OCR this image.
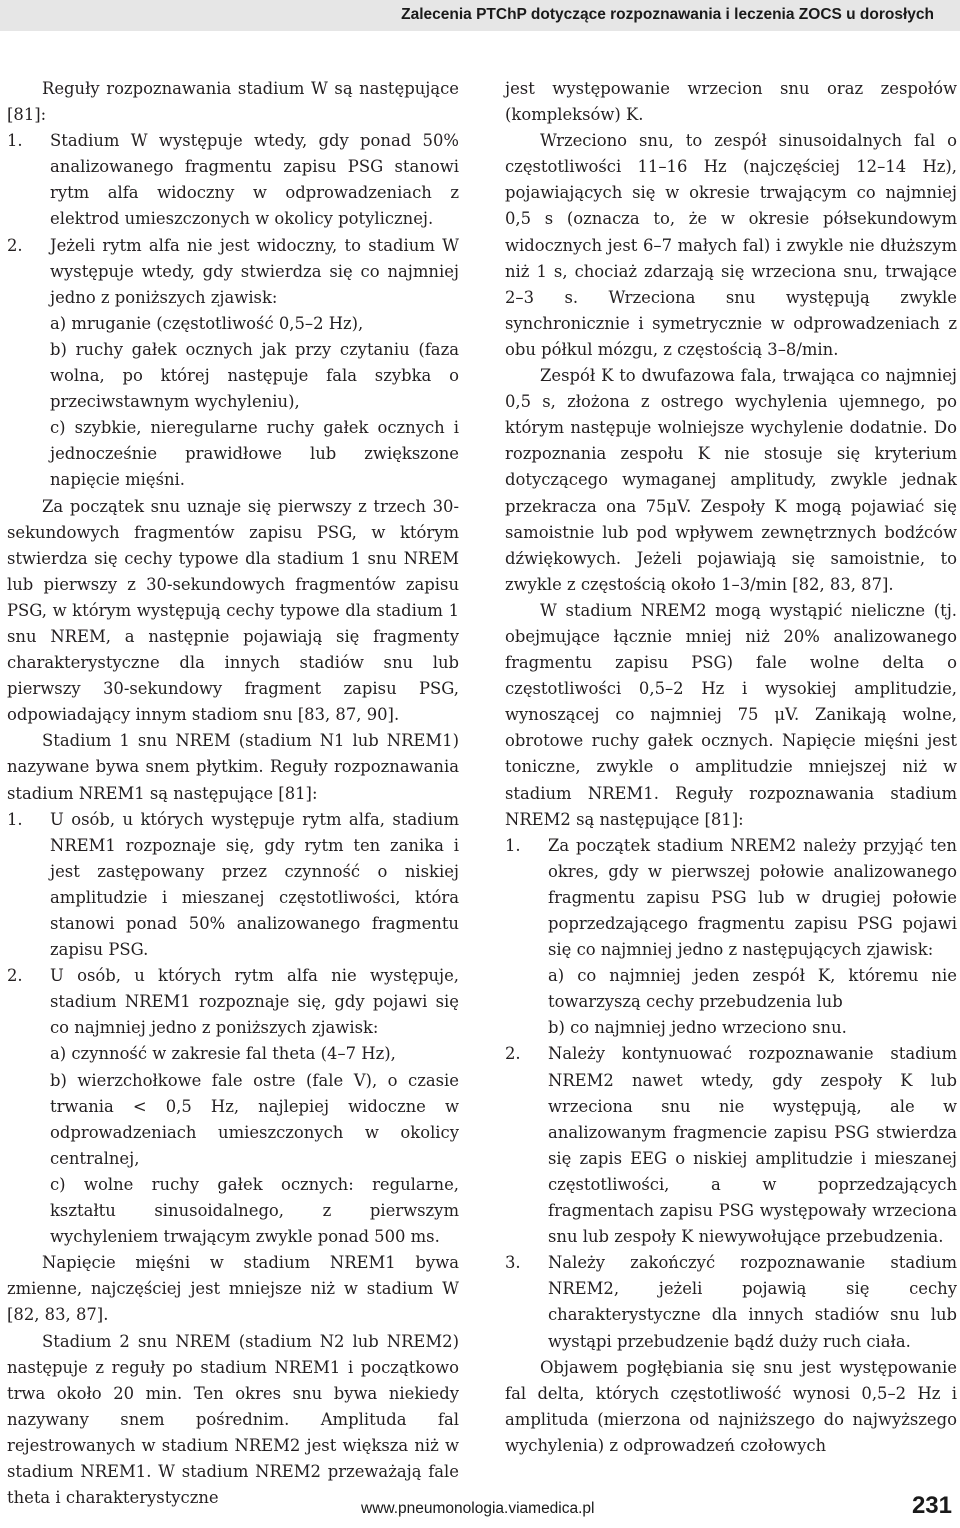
Zalecenia PTChP dotyczące rozpoznawania i leczenia ZOCS u dorosłych

Reguły rozpoznawania stadium W są następujące [81]:

1.	Stadium W występuje wtedy, gdy ponad 50% analizowanego fragmentu zapisu PSG stanowi rytm alfa widoczny w odprowadzeniach z elektrod umieszczonych w okolicy potylicznej.
2.	Jeżeli rytm alfa nie jest widoczny, to stadium W występuje wtedy, gdy stwierdza się co najmniej jedno z poniższych zjawisk:

a) mruganie (częstotliwość 0,5–2 Hz),

b) ruchy gałek ocznych jak przy czytaniu (faza wolna, po której następuje fala szybka o przeciwstawnym wychyleniu),

c) szybkie, nieregularne ruchy gałek ocznych i jednocześnie prawidłowe lub zwiększone napięcie mięśni.

Za początek snu uznaje się pierwszy z trzech 30-sekundowych fragmentów zapisu PSG, w którym stwierdza się cechy typowe dla stadium 1 snu NREM lub pierwszy z 30-sekundowych fragmentów zapisu PSG, w którym występują cechy typowe dla stadium 1 snu NREM, a następnie pojawiają się fragmenty charakterystyczne dla innych stadiów snu lub pierwszy 30-sekundowy fragment zapisu PSG, odpowiadający innym stadiom snu [83, 87, 90].

Stadium 1 snu NREM (stadium N1 lub NREM1) nazywane bywa snem płytkim. Reguły rozpoznawania stadium NREM1 są następujące [81]:

1.	U osób, u których występuje rytm alfa, stadium NREM1 rozpoznaje się, gdy rytm ten zanika i jest zastępowany przez czynność o niskiej amplitudzie i mieszanej częstotliwości, która stanowi ponad 50% analizowanego fragmentu zapisu PSG.
2.	U osób, u których rytm alfa nie występuje, stadium NREM1 rozpoznaje się, gdy pojawi się co najmniej jedno z poniższych zjawisk:

a) czynność w zakresie fal theta (4–7 Hz),

b) wierzchołkowe fale ostre (fale V), o czasie trwania < 0,5 Hz, najlepiej widoczne w odprowadzeniach umieszczonych w okolicy centralnej,

c) wolne ruchy gałek ocznych: regularne, kształtu sinusoidalnego, z pierwszym wychyleniem trwającym zwykle ponad 500 ms.

Napięcie mięśni w stadium NREM1 bywa zmienne, najczęściej jest mniejsze niż w stadium W [82, 83, 87].

Stadium 2 snu NREM (stadium N2 lub NREM2) następuje z reguły po stadium NREM1 i początkowo trwa około 20 min. Ten okres snu bywa niekiedy nazywany snem pośrednim. Amplituda fal rejestrowanych w stadium NREM2 jest większa niż w stadium NREM1. W stadium NREM2 przeważają fale theta i charakterystyczne

jest występowanie wrzecion snu oraz zespołów (kompleksów) K.

Wrzeciono snu, to zespół sinusoidalnych fal o częstotliwości 11–16 Hz (najczęściej 12–14 Hz), pojawiających się w okresie trwającym co najmniej 0,5 s (oznacza to, że w okresie półsekundowym widocznych jest 6–7 małych fal) i zwykle nie dłuższym niż 1 s, chociaż zdarzają się wrzeciona snu, trwające 2–3 s. Wrzeciona snu występują zwykle synchronicznie i symetrycznie w odprowadzeniach z obu półkul mózgu, z częstością 3–8/min.

Zespół K to dwufazowa fala, trwająca co najmniej 0,5 s, złożona z ostrego wychylenia ujemnego, po którym następuje wolniejsze wychylenie dodatnie. Do rozpoznania zespołu K nie stosuje się kryterium dotyczącego wymaganej amplitudy, zwykle jednak przekracza ona 75μV. Zespoły K mogą pojawiać się samoistnie lub pod wpływem zewnętrznych bodźców dźwiękowych. Jeżeli pojawiają się samoistnie, to zwykle z częstością około 1–3/min [82, 83, 87].

W stadium NREM2 mogą wystąpić nieliczne (tj. obejmujące łącznie mniej niż 20% analizowanego fragmentu zapisu PSG) fale wolne delta o częstotliwości 0,5–2 Hz i wysokiej amplitudzie, wynoszącej co najmniej 75 μV. Zanikają wolne, obrotowe ruchy gałek ocznych. Napięcie mięśni jest toniczne, zwykle o amplitudzie mniejszej niż w stadium NREM1. Reguły rozpoznawania stadium NREM2 są następujące [81]:

1.	Za początek stadium NREM2 należy przyjąć ten okres, gdy w pierwszej połowie analizowanego fragmentu zapisu PSG lub w drugiej połowie poprzedzającego fragmentu zapisu PSG pojawi się co najmniej jedno z następujących zjawisk:

a) co najmniej jeden zespół K, któremu nie towarzyszą cechy przebudzenia lub

b) co najmniej jedno wrzeciono snu.

2.	Należy kontynuować rozpoznawanie stadium NREM2 nawet wtedy, gdy zespoły K lub wrzeciona snu nie występują, ale w analizowanym fragmencie zapisu PSG stwierdza się zapis EEG o niskiej amplitudzie i mieszanej częstotliwości, a w poprzedzających fragmentach zapisu PSG występowały wrzeciona snu lub zespoły K niewywołujące przebudzenia.
3.	Należy zakończyć rozpoznawanie stadium NREM2, jeżeli pojawią się cechy charakterystyczne dla innych stadiów snu lub wystąpi przebudzenie bądź duży ruch ciała.

Objawem pogłębiania się snu jest występowanie fal delta, których częstotliwość wynosi 0,5–2 Hz i amplituda (mierzona od najniższego do najwyższego wychylenia) z odprowadzeń czołowych

www.pneumonologia.viamedica.pl	231
